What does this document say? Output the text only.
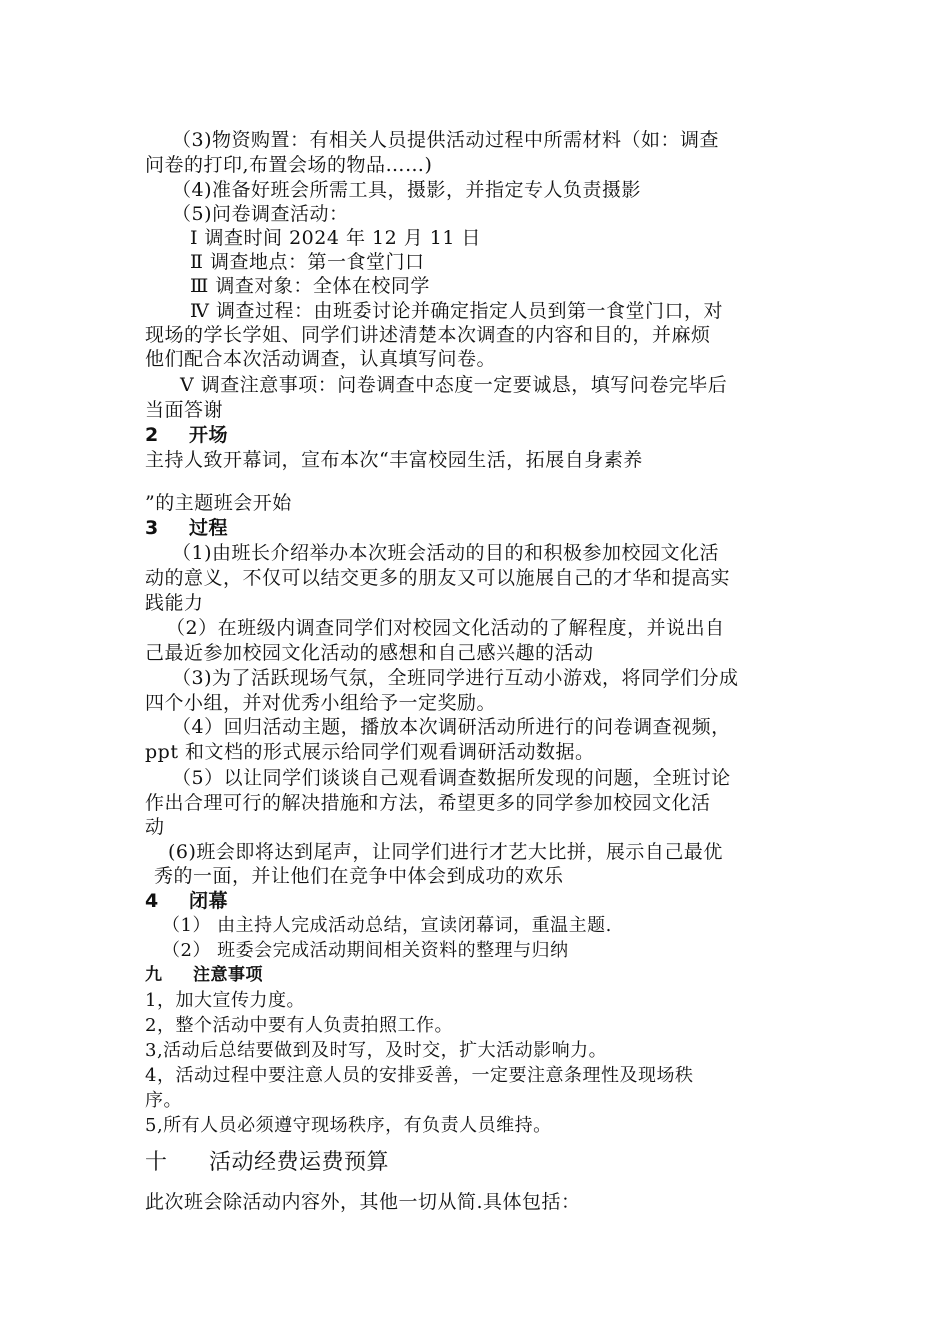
（3)物资购置：有相关人员提供活动过程中所需材料（如：调查
问卷的打印,布置会场的物品……)
（4)准备好班会所需工具，摄影，并指定专人负责摄影
（5)问卷调查活动：
Ⅰ 调查时间 2024 年 12 月 11 日
Ⅱ 调查地点：第一食堂门口
Ⅲ 调查对象：全体在校同学
Ⅳ 调查过程：由班委讨论并确定指定人员到第一食堂门口，对
现场的学长学姐、同学们讲述清楚本次调查的内容和目的，并麻烦
他们配合本次活动调查，认真填写问卷。
Ⅴ 调查注意事项：问卷调查中态度一定要诚恳，填写问卷完毕后
当面答谢
2 开场
主持人致开幕词，宣布本次“丰富校园生活，拓展自身素养
”的主题班会开始
3 过程
（1)由班长介绍举办本次班会活动的目的和积极参加校园文化活
动的意义，不仅可以结交更多的朋友又可以施展自己的才华和提高实
践能力
（2）在班级内调查同学们对校园文化活动的了解程度，并说出自
己最近参加校园文化活动的感想和自己感兴趣的活动
（3)为了活跃现场气氛，全班同学进行互动小游戏，将同学们分成
四个小组，并对优秀小组给予一定奖励。
（4）回归活动主题，播放本次调研活动所进行的问卷调查视频，
ppt 和文档的形式展示给同学们观看调研活动数据。
（5）以让同学们谈谈自己观看调查数据所发现的问题，全班讨论
作出合理可行的解决措施和方法，希望更多的同学参加校园文化活
动
(6)班会即将达到尾声，让同学们进行才艺大比拼，展示自己最优
秀的一面，并让他们在竞争中体会到成功的欢乐
4 闭幕
（1） 由主持人完成活动总结，宣读闭幕词，重温主题.
（2） 班委会完成活动期间相关资料的整理与归纳
九 注意事项
1，加大宣传力度。
2，整个活动中要有人负责拍照工作。
3,活动后总结要做到及时写，及时交，扩大活动影响力。
4，活动过程中要注意人员的安排妥善，一定要注意条理性及现场秩
序。
5,所有人员必须遵守现场秩序，有负责人员维持。
十 活动经费运费预算
此次班会除活动内容外，其他一切从简.具体包括：
